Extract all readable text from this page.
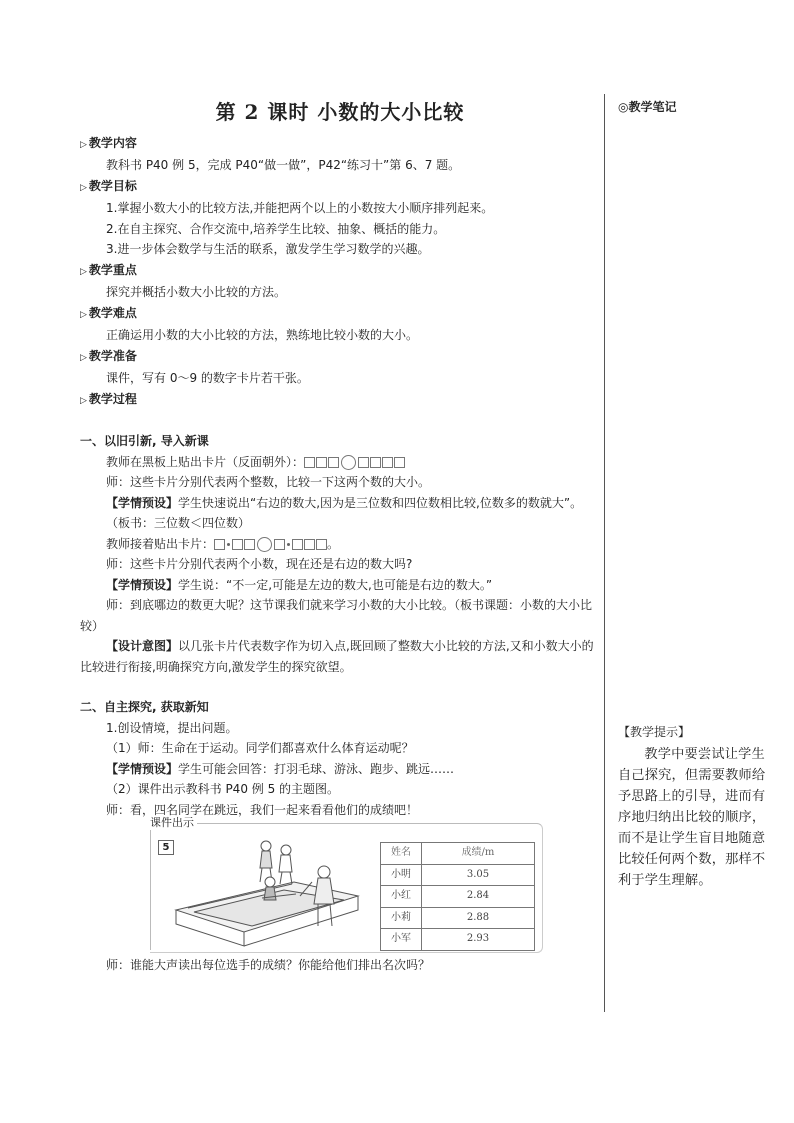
第 2 课时 小数的大小比较
▷ 教学内容
教科书 P40 例 5，完成 P40“做一做”，P42“练习十”第 6、7 题。
▷ 教学目标
1.掌握小数大小的比较方法,并能把两个以上的小数按大小顺序排列起来。
2.在自主探究、合作交流中,培养学生比较、抽象、概括的能力。
3.进一步体会数学与生活的联系，激发学生学习数学的兴趣。
▷ 教学重点
探究并概括小数大小比较的方法。
▷ 教学难点
正确运用小数的大小比较的方法，熟练地比较小数的大小。
▷ 教学准备
课件，写有 0～9 的数字卡片若干张。
▷ 教学过程
一、以旧引新, 导入新课
教师在黑板上贴出卡片（反面朝外）：
师：这些卡片分别代表两个整数，比较一下这两个数的大小。
【学情预设】学生快速说出“右边的数大,因为是三位数和四位数相比较,位数多的数就大”。
（板书：三位数＜四位数）
教师接着贴出卡片：	。
师：这些卡片分别代表两个小数，现在还是右边的数大吗?
【学情预设】学生说：“不一定,可能是左边的数大,也可能是右边的数大。”
师：到底哪边的数更大呢？这节课我们就来学习小数的大小比较。（板书课题：小数的大小比较）
【设计意图】以几张卡片代表数字作为切入点,既回顾了整数大小比较的方法,又和小数大小的比较进行衔接,明确探究方向,激发学生的探究欲望。
二、自主探究, 获取新知
1.创设情境，提出问题。
（1）师：生命在于运动。同学们都喜欢什么体育运动呢？
【学情预设】学生可能会回答：打羽毛球、游泳、跑步、跳远……
（2）课件出示教科书 P40 例 5 的主题图。
师：看，四名同学在跳远，我们一起来看看他们的成绩吧！
课件出示
5	姓名	成绩/m
小明	3.05
小红	2.84
小莉	2.88
小军	2.93
师：谁能大声读出每位选手的成绩？你能给他们排出名次吗？
◎教学笔记
【教学提示】
教学中要尝试让学生自己探究，但需要教师给予思路上的引导，进而有序地归纳出比较的顺序，而不是让学生盲目地随意比较任何两个数，那样不利于学生理解。
